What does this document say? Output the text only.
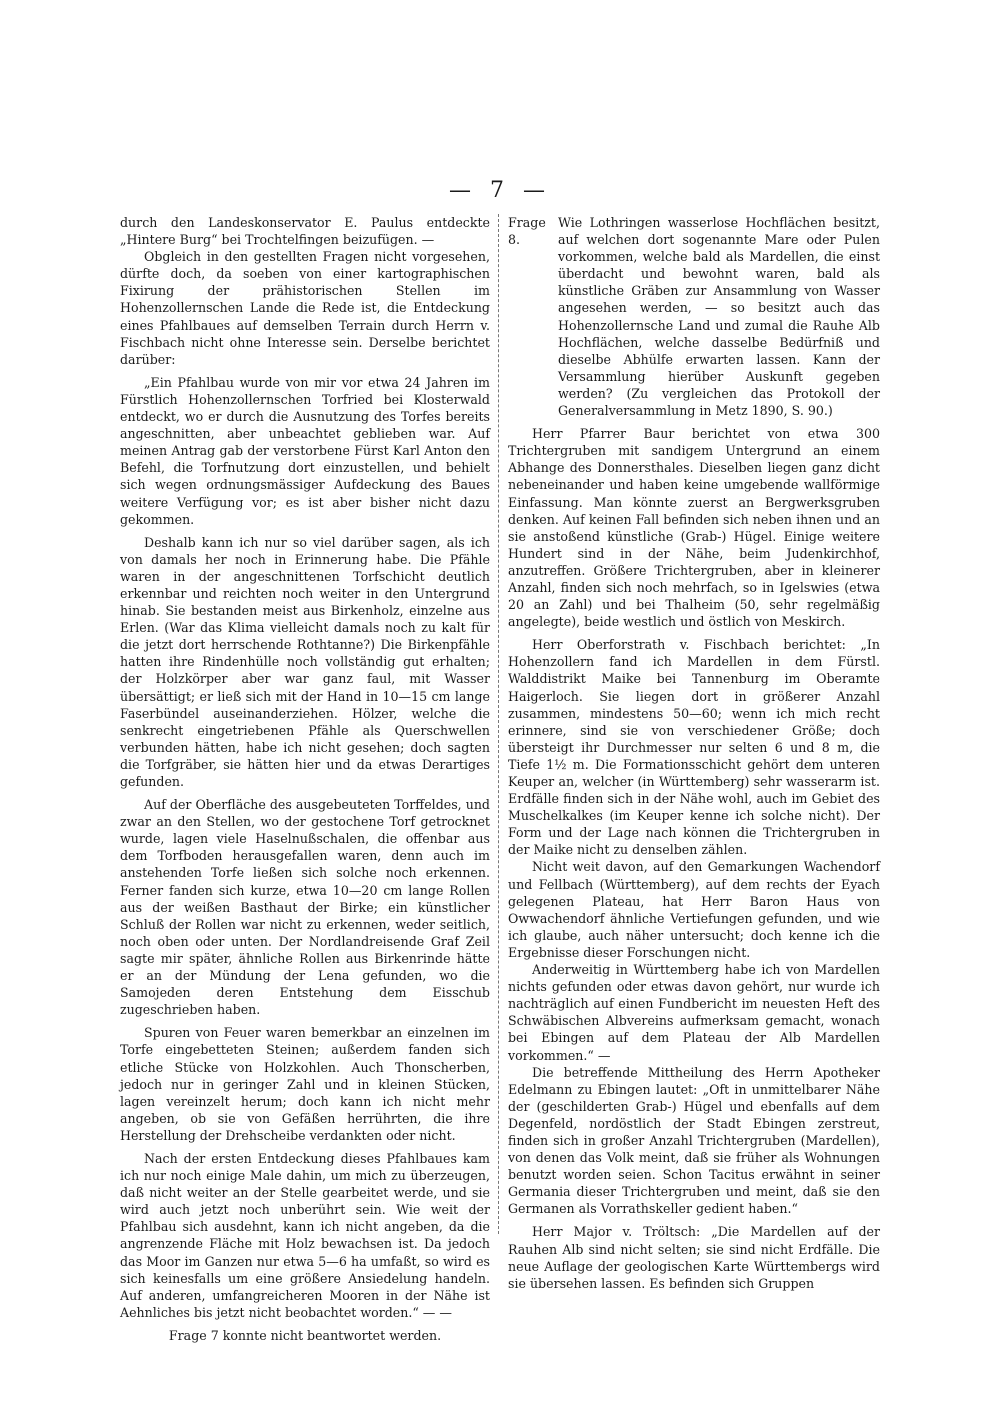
— 7 —

durch den Landeskonservator E. Paulus entdeckte „Hintere Burg“ bei Trochtelfingen beizufügen. —

Obgleich in den gestellten Fragen nicht vorgesehen, dürfte doch, da soeben von einer kartographischen Fixirung der prähistorischen Stellen im Hohenzollernschen Lande die Rede ist, die Entdeckung eines Pfahlbaues auf demselben Terrain durch Herrn v. Fischbach nicht ohne Interesse sein. Derselbe berichtet darüber:

„Ein Pfahlbau wurde von mir vor etwa 24 Jahren im Fürstlich Hohenzollernschen Torfried bei Klosterwald entdeckt, wo er durch die Ausnutzung des Torfes bereits angeschnitten, aber unbeachtet geblieben war. Auf meinen Antrag gab der verstorbene Fürst Karl Anton den Befehl, die Torfnutzung dort einzustellen, und behielt sich wegen ordnungsmässiger Aufdeckung des Baues weitere Verfügung vor; es ist aber bisher nicht dazu gekommen.

Deshalb kann ich nur so viel darüber sagen, als ich von damals her noch in Erinnerung habe. Die Pfähle waren in der angeschnittenen Torfschicht deutlich erkennbar und reichten noch weiter in den Untergrund hinab. Sie bestanden meist aus Birkenholz, einzelne aus Erlen. (War das Klima vielleicht damals noch zu kalt für die jetzt dort herrschende Rothtanne?) Die Birkenpfähle hatten ihre Rindenhülle noch vollständig gut erhalten; der Holzkörper aber war ganz faul, mit Wasser übersättigt; er ließ sich mit der Hand in 10—15 cm lange Faserbündel auseinanderziehen. Hölzer, welche die senkrecht eingetriebenen Pfähle als Querschwellen verbunden hätten, habe ich nicht gesehen; doch sagten die Torfgräber, sie hätten hier und da etwas Derartiges gefunden.

Auf der Oberfläche des ausgebeuteten Torffeldes, und zwar an den Stellen, wo der gestochene Torf getrocknet wurde, lagen viele Haselnußschalen, die offenbar aus dem Torfboden herausgefallen waren, denn auch im anstehenden Torfe ließen sich solche noch erkennen. Ferner fanden sich kurze, etwa 10—20 cm lange Rollen aus der weißen Basthaut der Birke; ein künstlicher Schluß der Rollen war nicht zu erkennen, weder seitlich, noch oben oder unten. Der Nordlandreisende Graf Zeil sagte mir später, ähnliche Rollen aus Birkenrinde hätte er an der Mündung der Lena gefunden, wo die Samojeden deren Entstehung dem Eisschub zugeschrieben haben.

Spuren von Feuer waren bemerkbar an einzelnen im Torfe eingebetteten Steinen; außerdem fanden sich etliche Stücke von Holzkohlen. Auch Thonscherben, jedoch nur in geringer Zahl und in kleinen Stücken, lagen vereinzelt herum; doch kann ich nicht mehr angeben, ob sie von Gefäßen herrührten, die ihre Herstellung der Drehscheibe verdankten oder nicht.

Nach der ersten Entdeckung dieses Pfahlbaues kam ich nur noch einige Male dahin, um mich zu überzeugen, daß nicht weiter an der Stelle gearbeitet werde, und sie wird auch jetzt noch unberührt sein. Wie weit der Pfahlbau sich ausdehnt, kann ich nicht angeben, da die angrenzende Fläche mit Holz bewachsen ist. Da jedoch das Moor im Ganzen nur etwa 5—6 ha umfaßt, so wird es sich keinesfalls um eine größere Ansiedelung handeln. Auf anderen, umfangreicheren Mooren in der Nähe ist Aehnliches bis jetzt nicht beobachtet worden.“ — —

Frage 7 konnte nicht beantwortet werden.

Frage 8.
Wie Lothringen wasserlose Hochflächen besitzt, auf welchen dort sogenannte Mare oder Pulen vorkommen, welche bald als Mardellen, die einst überdacht und bewohnt waren, bald als künstliche Gräben zur Ansammlung von Wasser angesehen werden, — so besitzt auch das Hohenzollernsche Land und zumal die Rauhe Alb Hochflächen, welche dasselbe Bedürfniß und dieselbe Abhülfe erwarten lassen. Kann der Versammlung hierüber Auskunft gegeben werden? (Zu vergleichen das Protokoll der Generalversammlung in Metz 1890, S. 90.)

Herr Pfarrer Baur berichtet von etwa 300 Trichtergruben mit sandigem Untergrund an einem Abhange des Donnersthales. Dieselben liegen ganz dicht nebeneinander und haben keine umgebende wallförmige Einfassung. Man könnte zuerst an Bergwerksgruben denken. Auf keinen Fall befinden sich neben ihnen und an sie anstoßend künstliche (Grab-) Hügel. Einige weitere Hundert sind in der Nähe, beim Judenkirchhof, anzutreffen. Größere Trichtergruben, aber in kleinerer Anzahl, finden sich noch mehrfach, so in Igelswies (etwa 20 an Zahl) und bei Thalheim (50, sehr regelmäßig angelegte), beide westlich und östlich von Meskirch.

Herr Oberforstrath v. Fischbach berichtet: „In Hohenzollern fand ich Mardellen in dem Fürstl. Walddistrikt Maike bei Tannenburg im Oberamte Haigerloch. Sie liegen dort in größerer Anzahl zusammen, mindestens 50—60; wenn ich mich recht erinnere, sind sie von verschiedener Größe; doch übersteigt ihr Durchmesser nur selten 6 und 8 m, die Tiefe 1½ m. Die Formationsschicht gehört dem unteren Keuper an, welcher (in Württemberg) sehr wasserarm ist. Erdfälle finden sich in der Nähe wohl, auch im Gebiet des Muschelkalkes (im Keuper kenne ich solche nicht). Der Form und der Lage nach können die Trichtergruben in der Maike nicht zu denselben zählen.

Nicht weit davon, auf den Gemarkungen Wachendorf und Fellbach (Württemberg), auf dem rechts der Eyach gelegenen Plateau, hat Herr Baron Haus von Owwachendorf ähnliche Vertiefungen gefunden, und wie ich glaube, auch näher untersucht; doch kenne ich die Ergebnisse dieser Forschungen nicht.

Anderweitig in Württemberg habe ich von Mardellen nichts gefunden oder etwas davon gehört, nur wurde ich nachträglich auf einen Fundbericht im neuesten Heft des Schwäbischen Albvereins aufmerksam gemacht, wonach bei Ebingen auf dem Plateau der Alb Mardellen vorkommen.“ —

Die betreffende Mittheilung des Herrn Apotheker Edelmann zu Ebingen lautet: „Oft in unmittelbarer Nähe der (geschilderten Grab-) Hügel und ebenfalls auf dem Degenfeld, nordöstlich der Stadt Ebingen zerstreut, finden sich in großer Anzahl Trichtergruben (Mardellen), von denen das Volk meint, daß sie früher als Wohnungen benutzt worden seien. Schon Tacitus erwähnt in seiner Germania dieser Trichtergruben und meint, daß sie den Germanen als Vorrathskeller gedient haben.“

Herr Major v. Tröltsch: „Die Mardellen auf der Rauhen Alb sind nicht selten; sie sind nicht Erdfälle. Die neue Auflage der geologischen Karte Württembergs wird sie übersehen lassen. Es befinden sich Gruppen
